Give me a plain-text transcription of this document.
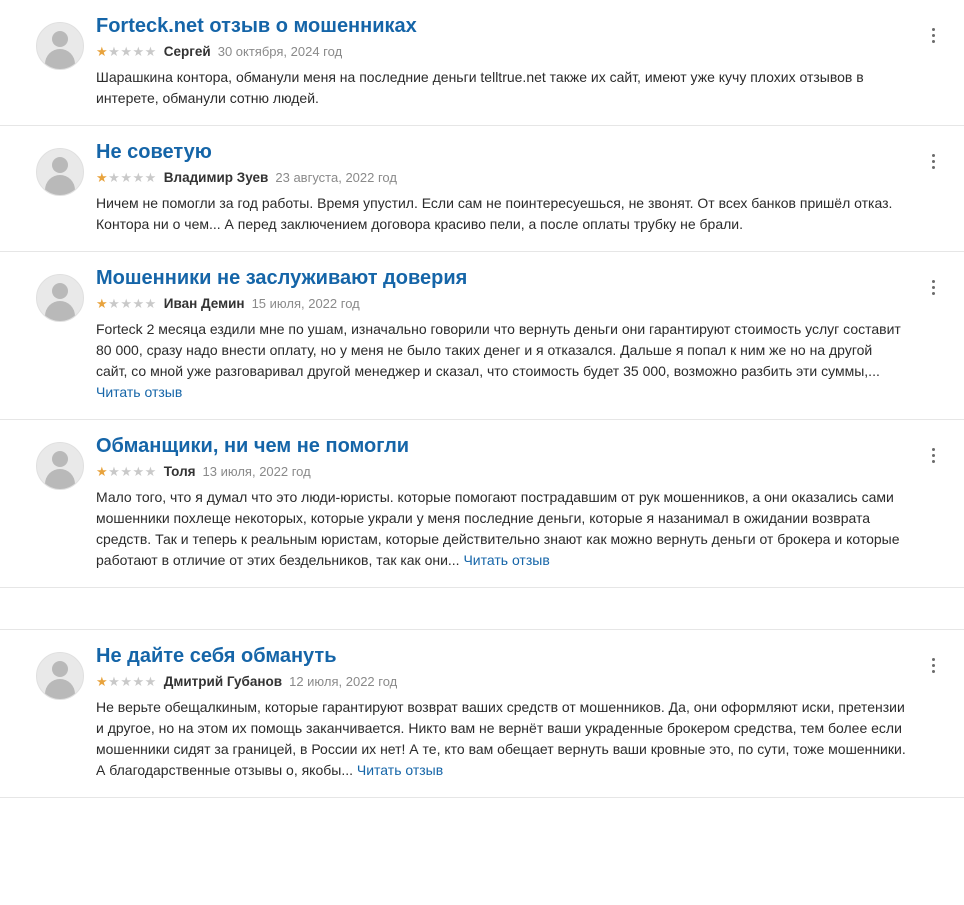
Forteck.net отзыв о мошенниках
★★★★★ Сергей 30 октября, 2024 год

Шарашкина контора, обманули меня на последние деньги telltrue.net также их сайт, имеют уже кучу плохих отзывов в интерете, обманули сотню людей.

Не советую
★★★★★ Владимир Зуев 23 августа, 2022 год

Ничем не помогли за год работы. Время упустил. Если сам не поинтересуешься, не звонят. От всех банков пришёл отказ. Контора ни о чем... А перед заключением договора красиво пели, а после оплаты трубку не брали.

Мошенники не заслуживают доверия
★★★★★ Иван Демин 15 июля, 2022 год

Forteck 2 месяца ездили мне по ушам, изначально говорили что вернуть деньги они гарантируют стоимость услуг составит 80 000, сразу надо внести оплату, но у меня не было таких денег и я отказался. Дальше я попал к ним же но на другой сайт, со мной уже разговаривал другой менеджер и сказал, что стоимость будет 35 000, возможно разбить эти суммы,... Читать отзыв

Обманщики, ни чем не помогли
★★★★★ Толя 13 июля, 2022 год

Мало того, что я думал что это люди-юристы. которые помогают пострадавшим от рук мошенников, а они оказались сами мошенники похлеще некоторых, которые украли у меня последние деньги, которые я назанимал в ожидании возврата средств. Так и теперь к реальным юристам, которые действительно знают как можно вернуть деньги от брокера и которые работают в отличие от этих бездельников, так как они... Читать отзыв

Не дайте себя обмануть
★★★★★ Дмитрий Губанов 12 июля, 2022 год

Не верьте обещалкиным, которые гарантируют возврат ваших средств от мошенников. Да, они оформляют иски, претензии и другое, но на этом их помощь заканчивается. Никто вам не вернёт ваши украденные брокером средства, тем более если мошенники сидят за границей, в России их нет! А те, кто вам обещает вернуть ваши кровные это, по сути, тоже мошенники. А благодарственные отзывы о, якобы... Читать отзыв
